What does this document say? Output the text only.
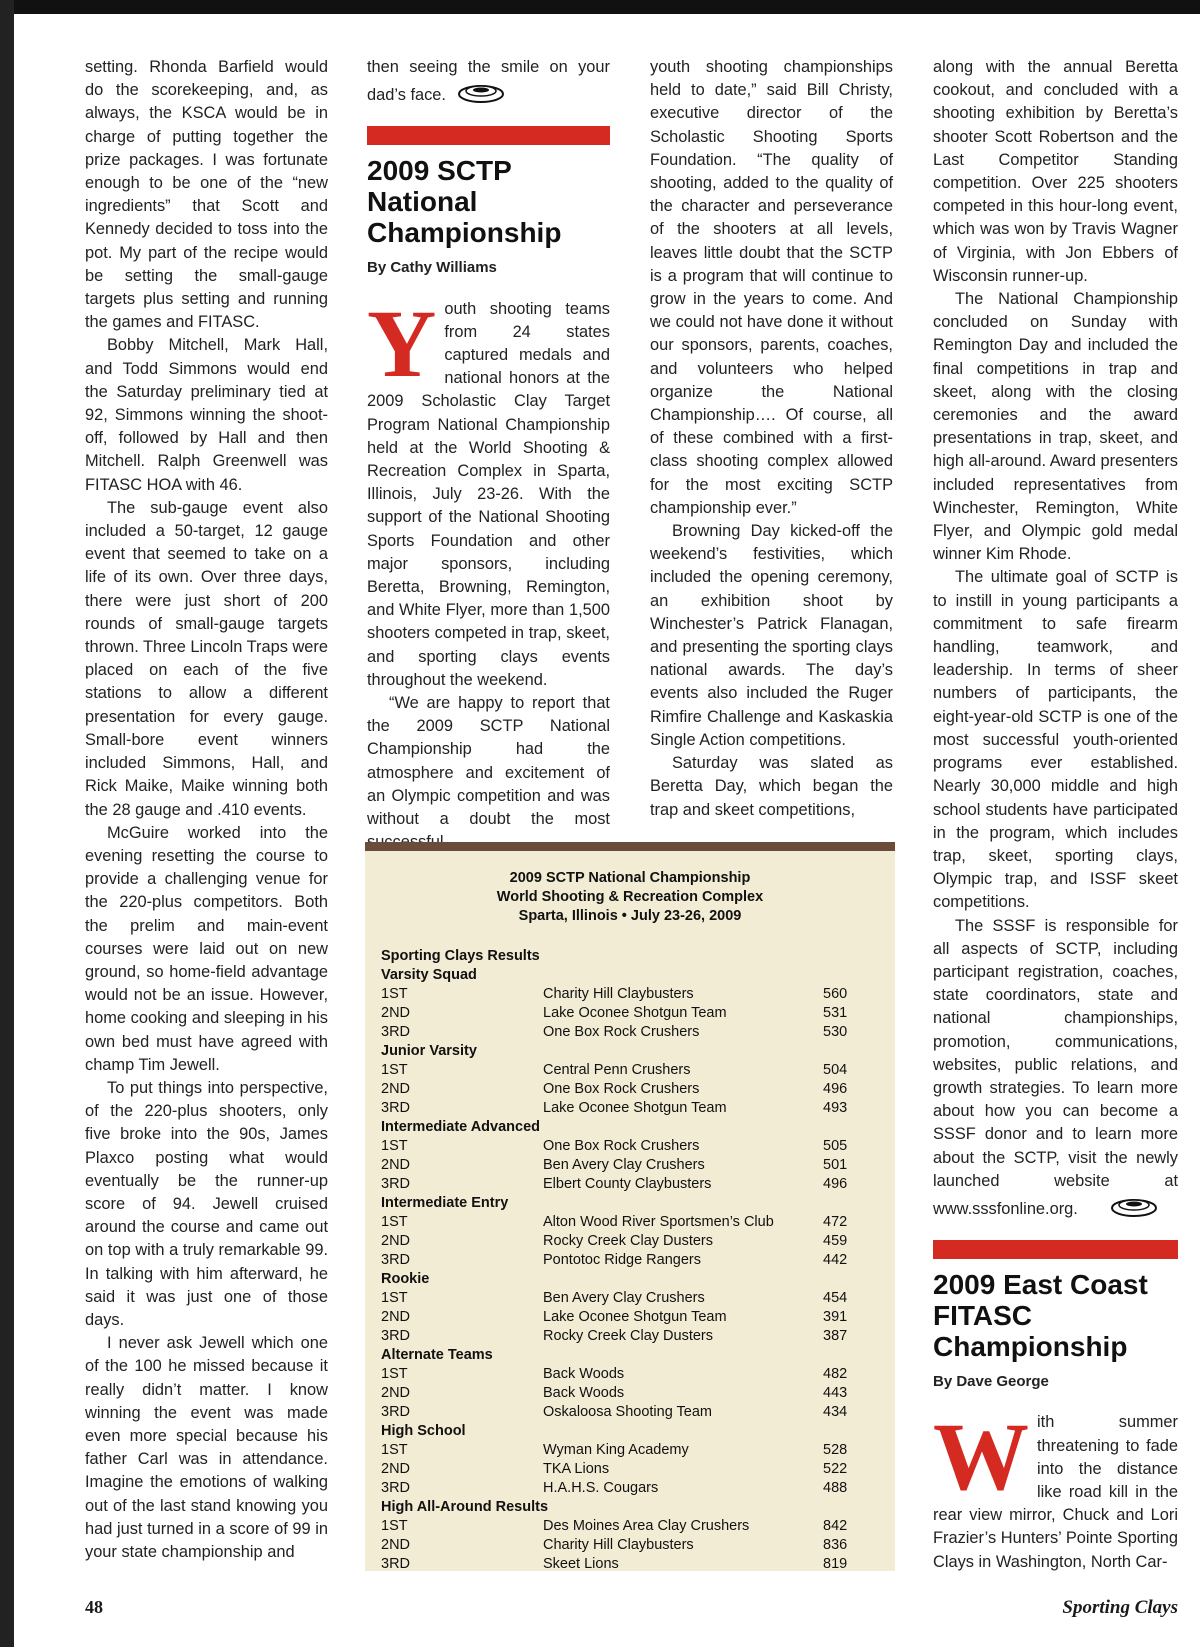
setting. Rhonda Barfield would do the scorekeeping, and, as always, the KSCA would be in charge of putting together the prize packages. I was fortunate enough to be one of the “new ingredients” that Scott and Kennedy decided to toss into the pot. My part of the recipe would be setting the small-gauge targets plus setting and running the games and FITASC.

Bobby Mitchell, Mark Hall, and Todd Simmons would end the Saturday preliminary tied at 92, Simmons winning the shoot-off, followed by Hall and then Mitchell. Ralph Greenwell was FITASC HOA with 46.

The sub-gauge event also included a 50-target, 12 gauge event that seemed to take on a life of its own. Over three days, there were just short of 200 rounds of small-gauge targets thrown. Three Lincoln Traps were placed on each of the five stations to allow a different presentation for every gauge. Small-bore event winners included Simmons, Hall, and Rick Maike, Maike winning both the 28 gauge and .410 events.

McGuire worked into the evening resetting the course to provide a challenging venue for the 220-plus competitors. Both the prelim and main-event courses were laid out on new ground, so home-field advantage would not be an issue. However, home cooking and sleeping in his own bed must have agreed with champ Tim Jewell.

To put things into perspective, of the 220-plus shooters, only five broke into the 90s, James Plaxco posting what would eventually be the runner-up score of 94. Jewell cruised around the course and came out on top with a truly remarkable 99. In talking with him afterward, he said it was just one of those days.

I never ask Jewell which one of the 100 he missed because it really didn’t matter. I know winning the event was made even more special because his father Carl was in attendance. Imagine the emotions of walking out of the last stand knowing you had just turned in a score of 99 in your state championship and

then seeing the smile on your dad’s face.

2009 SCTP National Championship
By Cathy Williams

Youth shooting teams from 24 states captured medals and national honors at the 2009 Scholastic Clay Target Program National Championship held at the World Shooting & Recreation Complex in Sparta, Illinois, July 23-26. With the support of the National Shooting Sports Foundation and other major sponsors, including Beretta, Browning, Remington, and White Flyer, more than 1,500 shooters competed in trap, skeet, and sporting clays events throughout the weekend.

“We are happy to report that the 2009 SCTP National Championship had the atmosphere and excitement of an Olympic competition and was without a doubt the most

youth shooting championships held to date,” said Bill Christy, executive director of the Scholastic Shooting Sports Foundation. “The quality of shooting, added to the quality of the character and perseverance of the shooters at all levels, leaves little doubt that the SCTP is a program that will continue to grow in the years to come. And we could not have done it without our sponsors, parents, coaches, and volunteers who helped organize the National Championship…. Of course, all of these combined with a first-class shooting complex allowed for the most exciting SCTP championship ever.”

Browning Day kicked-off the weekend’s festivities, which included the opening ceremony, an exhibition shoot by Winchester’s Patrick Flanagan, and presenting the sporting clays national awards. The day’s events also included the Ruger Rimfire Challenge and Kaskaskia Single Action competitions.

Saturday was slated as Beretta Day, which began the trap and skeet competitions,

along with the annual Beretta cookout, and concluded with a shooting exhibition by Beretta’s shooter Scott Robertson and the Last Competitor Standing competition. Over 225 shooters competed in this hour-long event, which was won by Travis Wagner of Virginia, with Jon Ebbers of Wisconsin runner-up.

The National Championship concluded on Sunday with Remington Day and included the final competitions in trap and skeet, along with the closing ceremonies and the award presentations in trap, skeet, and high all-around. Award presenters included representatives from Winchester, Remington, White Flyer, and Olympic gold medal winner Kim Rhode.

The ultimate goal of SCTP is to instill in young participants a commitment to safe firearm handling, teamwork, and leadership. In terms of sheer numbers of participants, the eight-year-old SCTP is one of the most successful youth-oriented programs ever established. Nearly 30,000 middle and high school students have participated in the program, which includes trap, skeet, sporting clays, Olympic trap, and ISSF skeet competitions.

The SSSF is responsible for all aspects of SCTP, including participant registration, coaches, state coordinators, state and national championships, promotion, communications, websites, public relations, and growth strategies. To learn more about how you can become a SSSF donor and to learn more about the SCTP, visit the newly launched website at www.sssfonline.org.

2009 East Coast FITASC Championship
By Dave George

With summer threatening to fade into the distance like road kill in the rear view mirror, Chuck and Lori Frazier’s Hunters’ Pointe Sporting Clays in Washington, North Car-

2009 SCTP National Championship
World Shooting & Recreation Complex
Sparta, Illinois • July 23-26, 2009
Sporting Clays Results
Varsity Squad
1ST	Charity Hill Claybusters	560
2ND	Lake Oconee Shotgun Team	531
3RD	One Box Rock Crushers	530
Junior Varsity
1ST	Central Penn Crushers	504
2ND	One Box Rock Crushers	496
3RD	Lake Oconee Shotgun Team	493
Intermediate Advanced
1ST	One Box Rock Crushers	505
2ND	Ben Avery Clay Crushers	501
3RD	Elbert County Claybusters	496
Intermediate Entry
1ST	Alton Wood River Sportsmen’s Club	472
2ND	Rocky Creek Clay Dusters	459
3RD	Pontotoc Ridge Rangers	442
Rookie
1ST	Ben Avery Clay Crushers	454
2ND	Lake Oconee Shotgun Team	391
3RD	Rocky Creek Clay Dusters	387
Alternate Teams
1ST	Back Woods	482
2ND	Back Woods	443
3RD	Oskaloosa Shooting Team	434
High School
1ST	Wyman King Academy	528
2ND	TKA Lions	522
3RD	H.A.H.S. Cougars	488
High All-Around Results
1ST	Des Moines Area Clay Crushers	842
2ND	Charity Hill Claybusters	836
3RD	Skeet Lions	819
48	Sporting Clays
